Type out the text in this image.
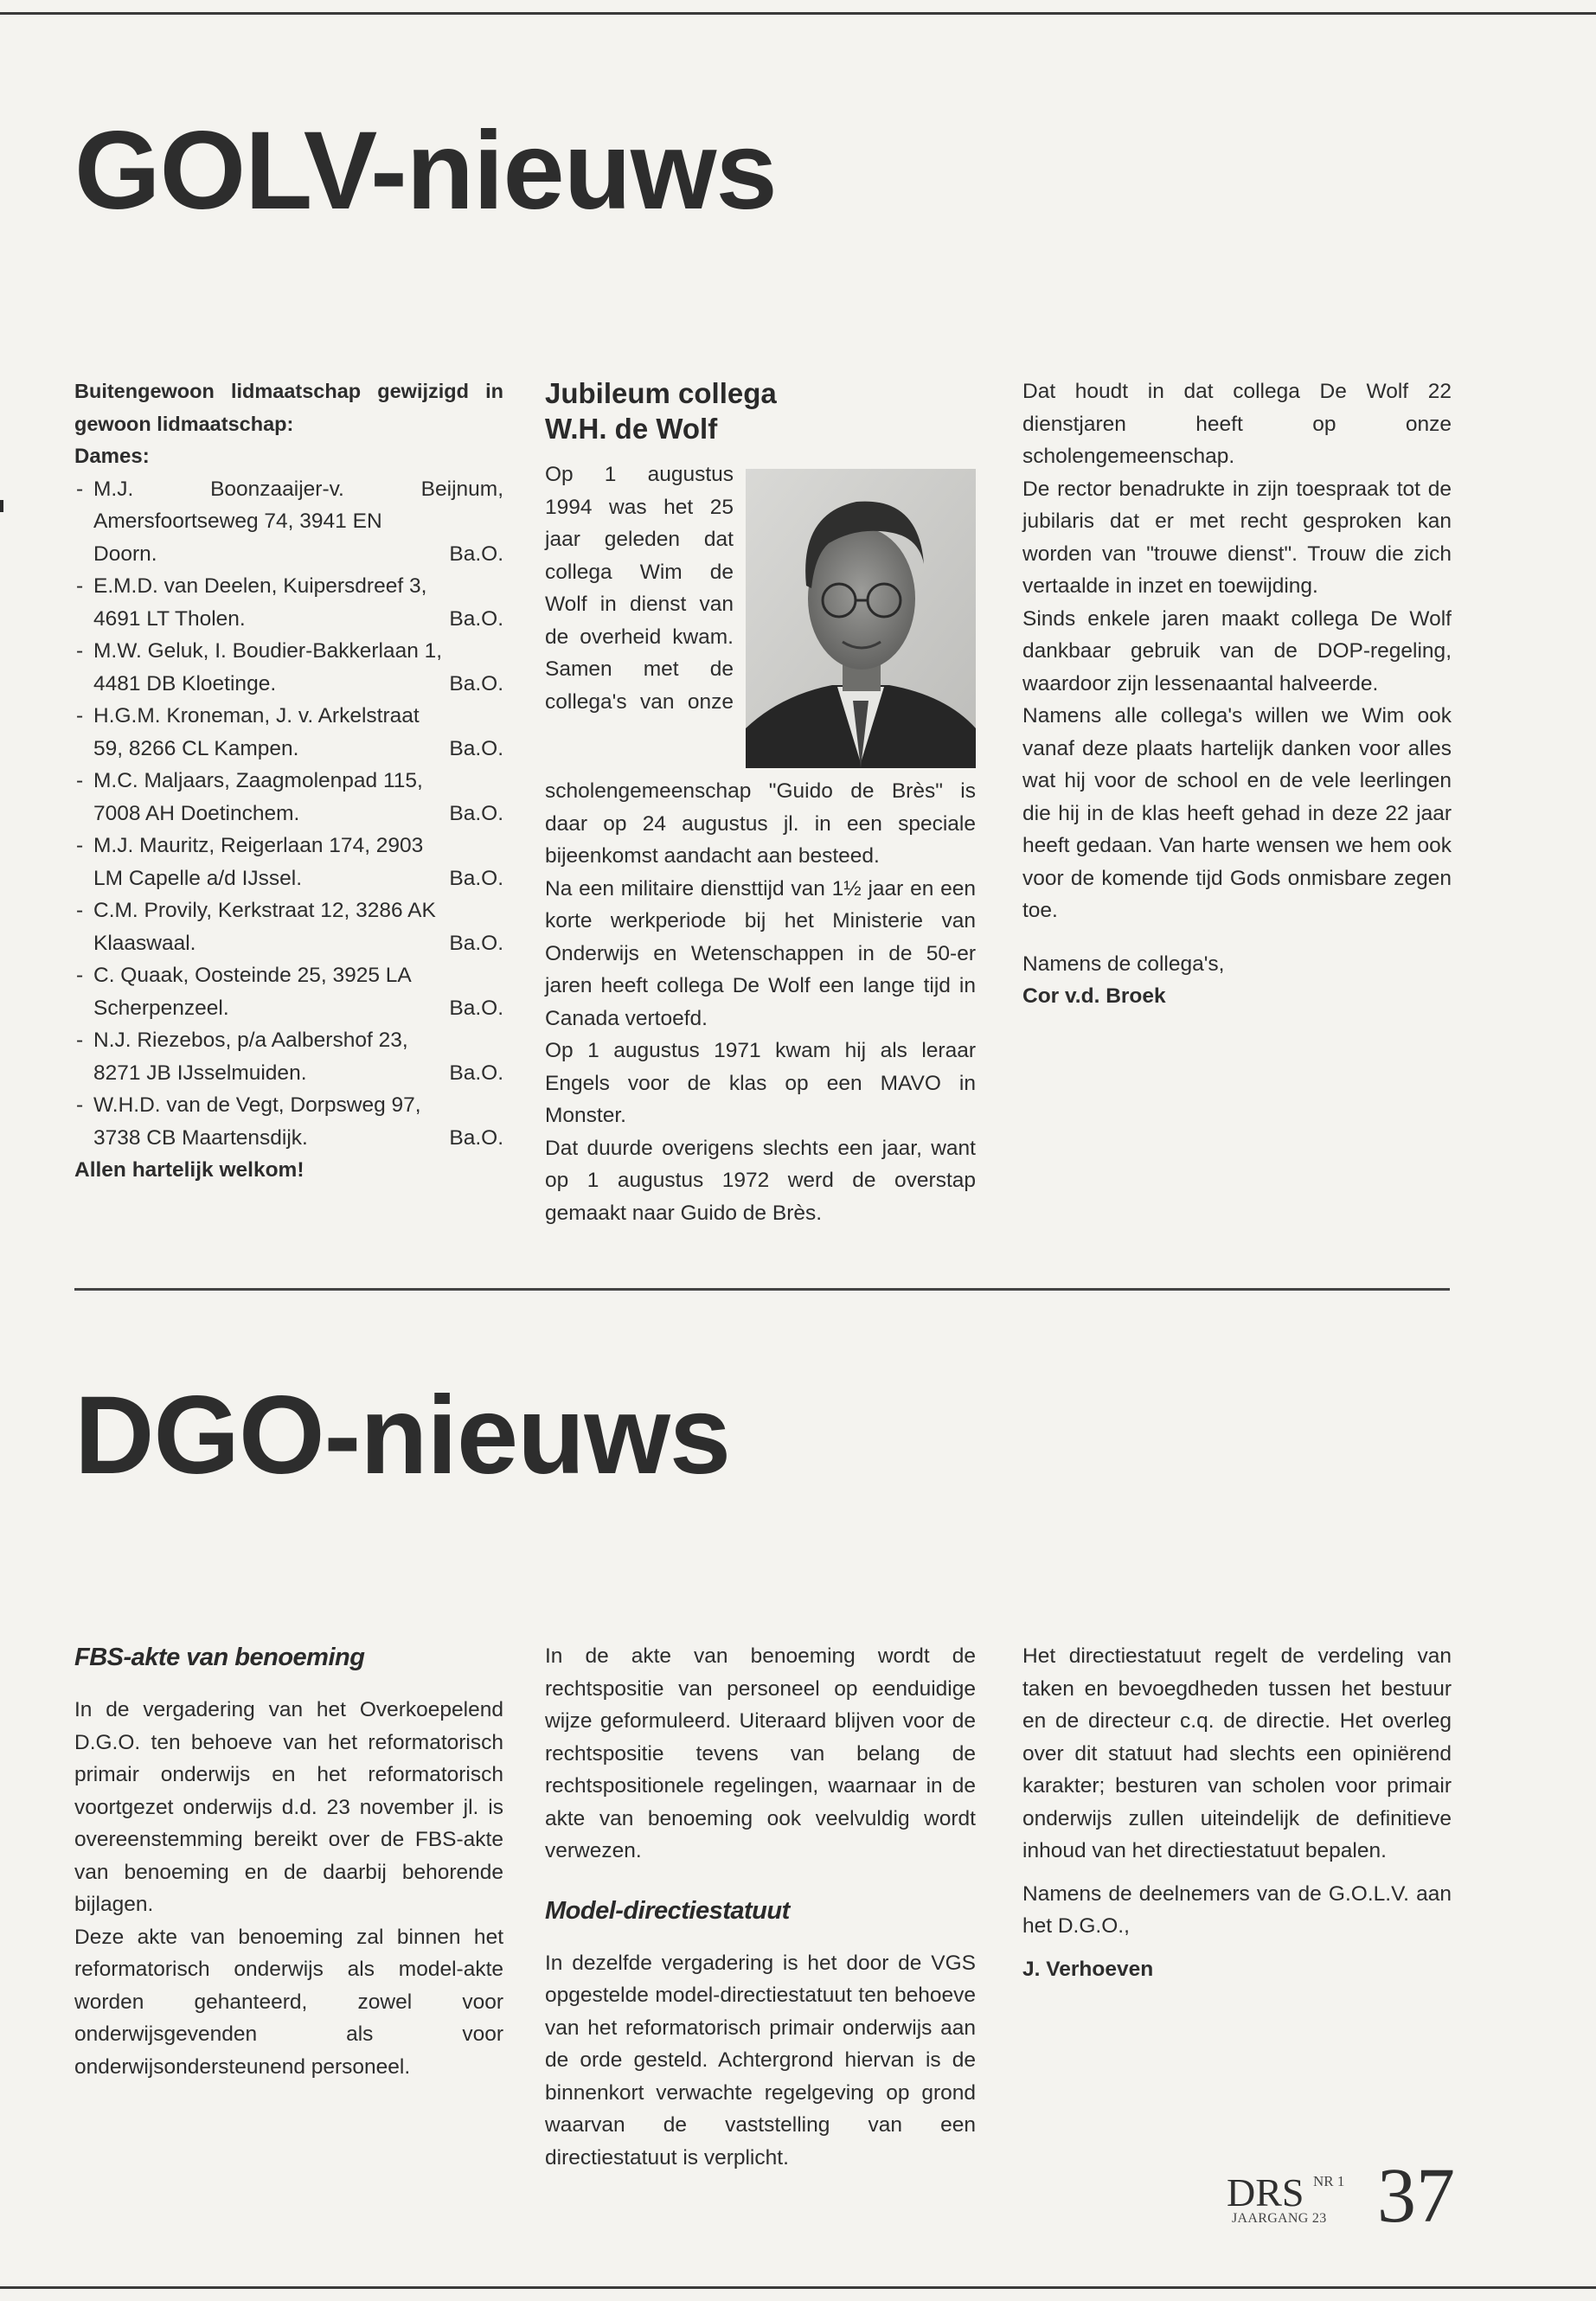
GOLV-nieuws

Buitengewoon lidmaatschap gewijzigd in gewoon lidmaatschap:

Dames:

- M.J. Boonzaaijer-v. Beijnum, Amersfoortseweg 74, 3941 EN
Doorn.	Ba.O.
- E.M.D. van Deelen, Kuipersdreef 3,
4691 LT Tholen.	Ba.O.
- M.W. Geluk, I. Boudier-Bakkerlaan 1,
4481 DB Kloetinge.	Ba.O.
- H.G.M. Kroneman, J. v. Arkelstraat
59, 8266 CL Kampen.	Ba.O.
- M.C. Maljaars, Zaagmolenpad 115,
7008 AH Doetinchem.	Ba.O.
- M.J. Mauritz, Reigerlaan 174, 2903
LM Capelle a/d IJssel.	Ba.O.
- C.M. Provily, Kerkstraat 12, 3286 AK
Klaaswaal.	Ba.O.
- C. Quaak, Oosteinde 25, 3925 LA
Scherpenzeel.	Ba.O.
- N.J. Riezebos, p/a Aalbershof 23,
8271 JB IJsselmuiden.	Ba.O.
- W.H.D. van de Vegt, Dorpsweg 97,
3738 CB Maartensdijk.	Ba.O.

Allen hartelijk welkom!

Jubileum collega
W.H. de Wolf

Op 1 augustus 1994 was het 25 jaar geleden dat collega Wim de Wolf in dienst van de overheid kwam. Samen met de collega's van onze scholengemeenschap "Guido de Brès" is daar op 24 augustus jl. in een speciale bijeenkomst aandacht aan besteed.

Na een militaire diensttijd van 1½ jaar en een korte werkperiode bij het Ministerie van Onderwijs en Wetenschappen in de 50-er jaren heeft collega De Wolf een lange tijd in Canada vertoefd.

Op 1 augustus 1971 kwam hij als leraar Engels voor de klas op een MAVO in Monster.

Dat duurde overigens slechts een jaar, want op 1 augustus 1972 werd de overstap gemaakt naar Guido de Brès.

Dat houdt in dat collega De Wolf 22 dienstjaren heeft op onze scholengemeenschap.

De rector benadrukte in zijn toespraak tot de jubilaris dat er met recht gesproken kan worden van "trouwe dienst". Trouw die zich vertaalde in inzet en toewijding.

Sinds enkele jaren maakt collega De Wolf dankbaar gebruik van de DOP-regeling, waardoor zijn lessenaantal halveerde.

Namens alle collega's willen we Wim ook vanaf deze plaats hartelijk danken voor alles wat hij voor de school en de vele leerlingen die hij in de klas heeft gehad in deze 22 jaar heeft gedaan. Van harte wensen we hem ook voor de komende tijd Gods onmisbare zegen toe.

Namens de collega's,

Cor v.d. Broek

DGO-nieuws
FBS-akte van benoeming

In de vergadering van het Overkoepelend D.G.O. ten behoeve van het reformatorisch primair onderwijs en het reformatorisch voortgezet onderwijs d.d. 23 november jl. is overeenstemming bereikt over de FBS-akte van benoeming en de daarbij behorende bijlagen.

Deze akte van benoeming zal binnen het reformatorisch onderwijs als model-akte worden gehanteerd, zowel voor onderwijsgevenden als voor onderwijsondersteunend personeel.

In de akte van benoeming wordt de rechtspositie van personeel op eenduidige wijze geformuleerd. Uiteraard blijven voor de rechtspositie tevens van belang de rechtspositionele regelingen, waarnaar in de akte van benoeming ook veelvuldig wordt verwezen.

Model-directiestatuut

In dezelfde vergadering is het door de VGS opgestelde model-directiestatuut ten behoeve van het reformatorisch primair onderwijs aan de orde gesteld. Achtergrond hiervan is de binnenkort verwachte regelgeving op grond waarvan de vaststelling van een directiestatuut is verplicht.

Het directiestatuut regelt de verdeling van taken en bevoegdheden tussen het bestuur en de directeur c.q. de directie. Het overleg over dit statuut had slechts een opiniërend karakter; besturen van scholen voor primair onderwijs zullen uiteindelijk de definitieve inhoud van het directiestatuut bepalen.

Namens de deelnemers van de G.O.L.V. aan het D.G.O.,

J. Verhoeven

DRS NR 1
JAARGANG 23 37
